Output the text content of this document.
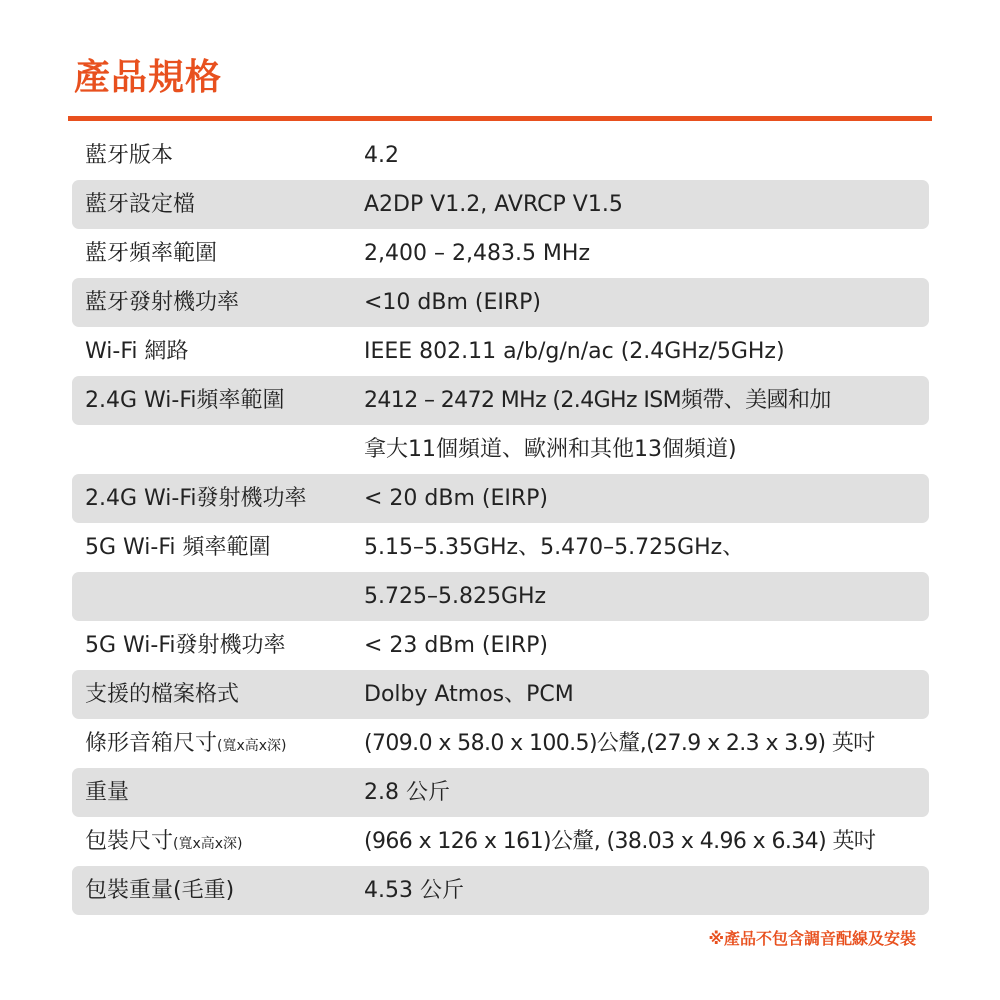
產品規格
藍牙版本	4.2
藍牙設定檔	A2DP V1.2, AVRCP V1.5
藍牙頻率範圍	2,400 – 2,483.5 MHz
藍牙發射機功率	<10 dBm (EIRP)
Wi-Fi 網路	IEEE 802.11 a/b/g/n/ac (2.4GHz/5GHz)
2.4G Wi-Fi頻率範圍	2412 – 2472 MHz (2.4GHz ISM頻帶、美國和加
拿大11個頻道、歐洲和其他13個頻道)
2.4G Wi-Fi發射機功率	< 20 dBm (EIRP)
5G Wi-Fi 頻率範圍	5.15–5.35GHz、5.470–5.725GHz、
5.725–5.825GHz
5G Wi-Fi發射機功率	< 23 dBm (EIRP)
支援的檔案格式	Dolby Atmos、PCM
條形音箱尺寸(寬x高x深)	(709.0 x 58.0 x 100.5)公釐,(27.9 x 2.3 x 3.9) 英吋
重量	2.8 公斤
包裝尺寸(寬x高x深)	(966 x 126 x 161)公釐, (38.03 x 4.96 x 6.34) 英吋
包裝重量(毛重)	4.53 公斤
※產品不包含調音配線及安裝
